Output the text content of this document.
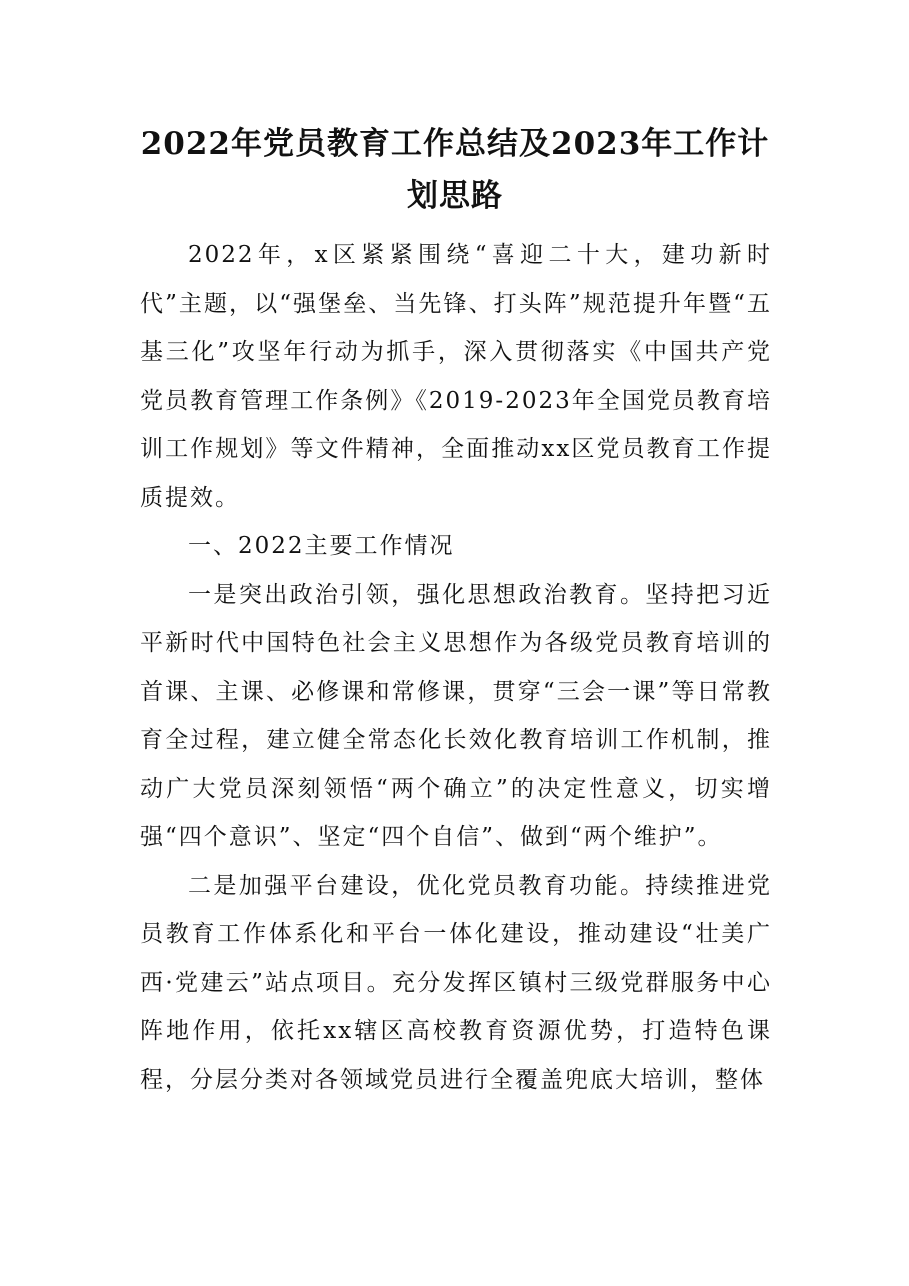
2022年党员教育工作总结及2023年工作计划思路

2022年，x区紧紧围绕“喜迎二十大，建功新时代”主题，以“强堡垒、当先锋、打头阵”规范提升年暨“五基三化”攻坚年行动为抓手，深入贯彻落实《中国共产党党员教育管理工作条例》《2019-2023年全国党员教育培训工作规划》等文件精神，全面推动xx区党员教育工作提质提效。

一、2022主要工作情况

一是突出政治引领，强化思想政治教育。坚持把习近平新时代中国特色社会主义思想作为各级党员教育培训的首课、主课、必修课和常修课，贯穿“三会一课”等日常教育全过程，建立健全常态化长效化教育培训工作机制，推动广大党员深刻领悟“两个确立”的决定性意义，切实增强“四个意识”、坚定“四个自信”、做到“两个维护”。

二是加强平台建设，优化党员教育功能。持续推进党员教育工作体系化和平台一体化建设，推动建设“壮美广西·党建云”站点项目。充分发挥区镇村三级党群服务中心阵地作用，依托xx辖区高校教育资源优势，打造特色课程，分层分类对各领域党员进行全覆盖兜底大培训，整体
